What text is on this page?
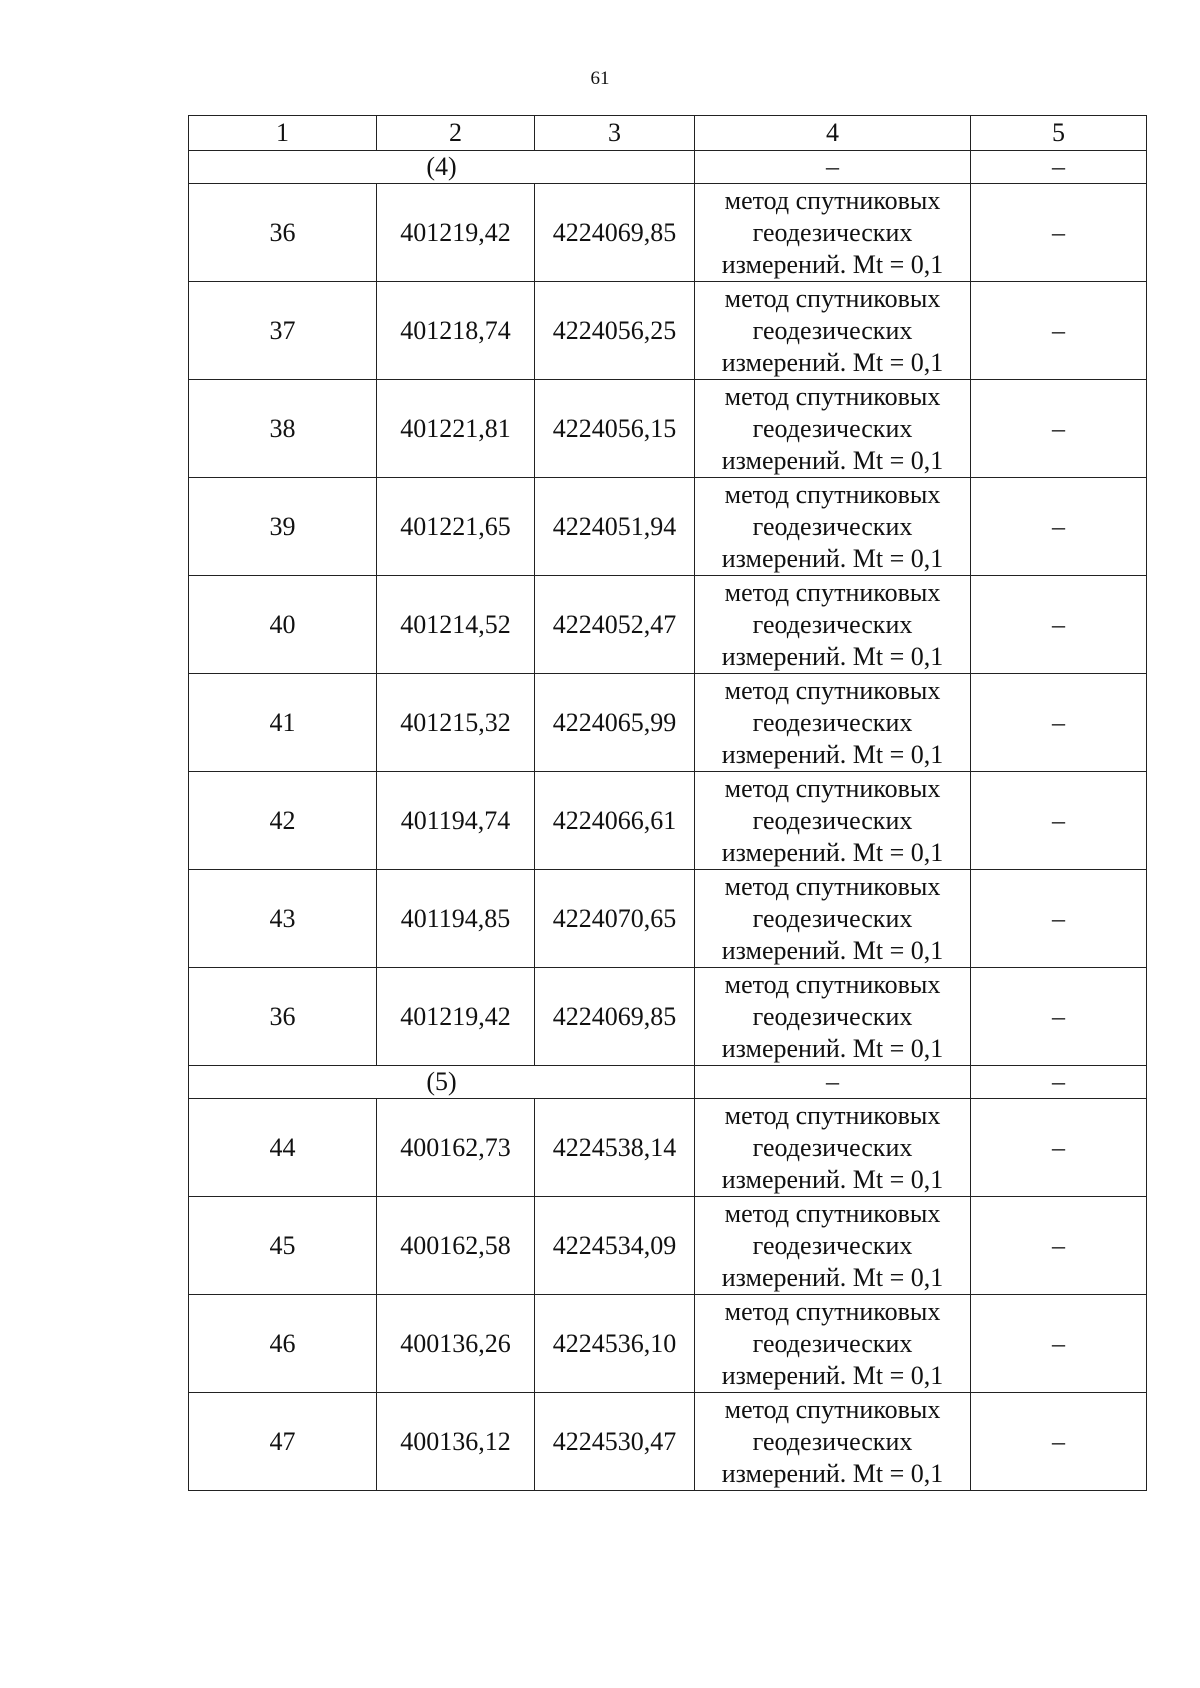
61
1	2	3	4	5
(4)			–	–
36	401219,42	4224069,85	метод спутниковых
геодезических
измерений. Mt = 0,1	–
37	401218,74	4224056,25	метод спутниковых
геодезических
измерений. Mt = 0,1	–
38	401221,81	4224056,15	метод спутниковых
геодезических
измерений. Mt = 0,1	–
39	401221,65	4224051,94	метод спутниковых
геодезических
измерений. Mt = 0,1	–
40	401214,52	4224052,47	метод спутниковых
геодезических
измерений. Mt = 0,1	–
41	401215,32	4224065,99	метод спутниковых
геодезических
измерений. Mt = 0,1	–
42	401194,74	4224066,61	метод спутниковых
геодезических
измерений. Mt = 0,1	–
43	401194,85	4224070,65	метод спутниковых
геодезических
измерений. Mt = 0,1	–
36	401219,42	4224069,85	метод спутниковых
геодезических
измерений. Mt = 0,1	–
(5)			–	–
44	400162,73	4224538,14	метод спутниковых
геодезических
измерений. Mt = 0,1	–
45	400162,58	4224534,09	метод спутниковых
геодезических
измерений. Mt = 0,1	–
46	400136,26	4224536,10	метод спутниковых
геодезических
измерений. Mt = 0,1	–
47	400136,12	4224530,47	метод спутниковых
геодезических
измерений. Mt = 0,1	–
